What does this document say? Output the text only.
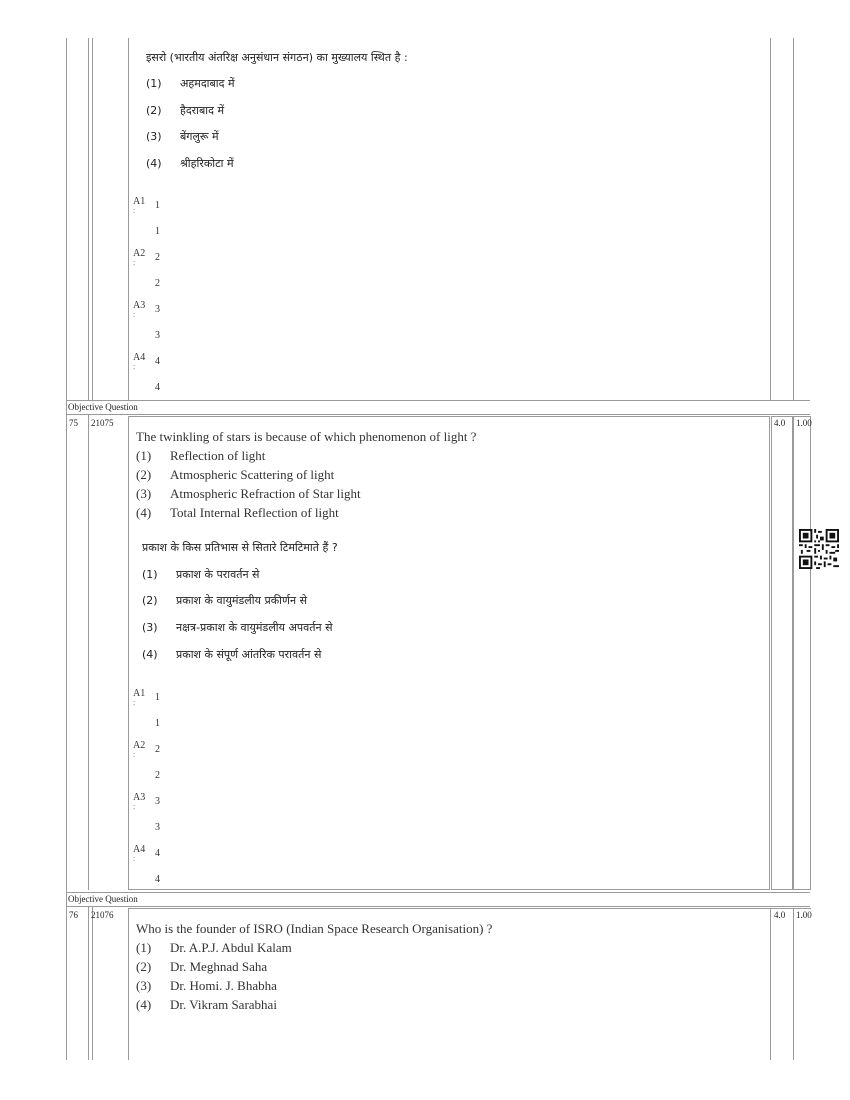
Objective Question
75 21075	4.0 1.00
Objective Question
76 21076	4.0 1.00
इसरो (भारतीय अंतरिक्ष अनुसंधान संगठन) का मुख्यालय स्थित है :
(1) अहमदाबाद में
(2) हैदराबाद में
(3) बेंगलुरू में
(4) श्रीहरिकोटा में
A1
: 1
1
A2
: 2
2
A3
: 3
3
A4
: 4
4
The twinkling of stars is because of which phenomenon of light ?
(1) Reflection of light
(2) Atmospheric Scattering of light
(3) Atmospheric Refraction of Star light
(4) Total Internal Reflection of light
प्रकाश के किस प्रतिभास से सितारे टिमटिमाते हैं ?
(1) प्रकाश के परावर्तन से
(2) प्रकाश के वायुमंडलीय प्रकीर्णन से
(3) नक्षत्र-प्रकाश के वायुमंडलीय अपवर्तन से
(4) प्रकाश के संपूर्ण आंतरिक परावर्तन से
A1
: 1
1
A2
: 2
2
A3
: 3
3
A4
: 4
4
Who is the founder of ISRO (Indian Space Research Organisation) ?
(1) Dr. A.P.J. Abdul Kalam
(2) Dr. Meghnad Saha
(3) Dr. Homi. J. Bhabha
(4) Dr. Vikram Sarabhai
